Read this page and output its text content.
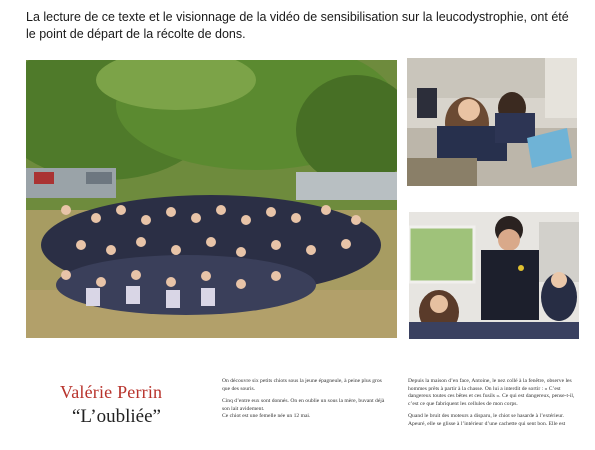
La lecture de ce texte et le visionnage de la vidéo de sensibilisation sur la leucodystrophie, ont été le point de départ de la récolte de dons.
Valérie Perrin
“L’oubliée”

On découvre six petits chiots sous la jeune épagneule, à peine plus gros que des souris.

Cinq d’entre eux sont donnés. On en oublie un sous la mère, buvant déjà son lait avidement.

Ce chiot est une femelle née un 12 mai.

Depuis la maison d’en face, Antoine, le nez collé à la fenêtre, observe les hommes prêts à partir à la chasse. On lui a interdit de sortir : « C’est dangereux toutes ces bêtes et ces fusils ». Ce qui est dangereux, pense-t-il, c’est ce que fabriquent les cellules de mon corps.

Quand le bruit des moteurs a disparu, le chiot se hasarde à l’extérieur. Apeuré, elle se glisse à l’intérieur d’une cachette qui sent bon. Elle est
